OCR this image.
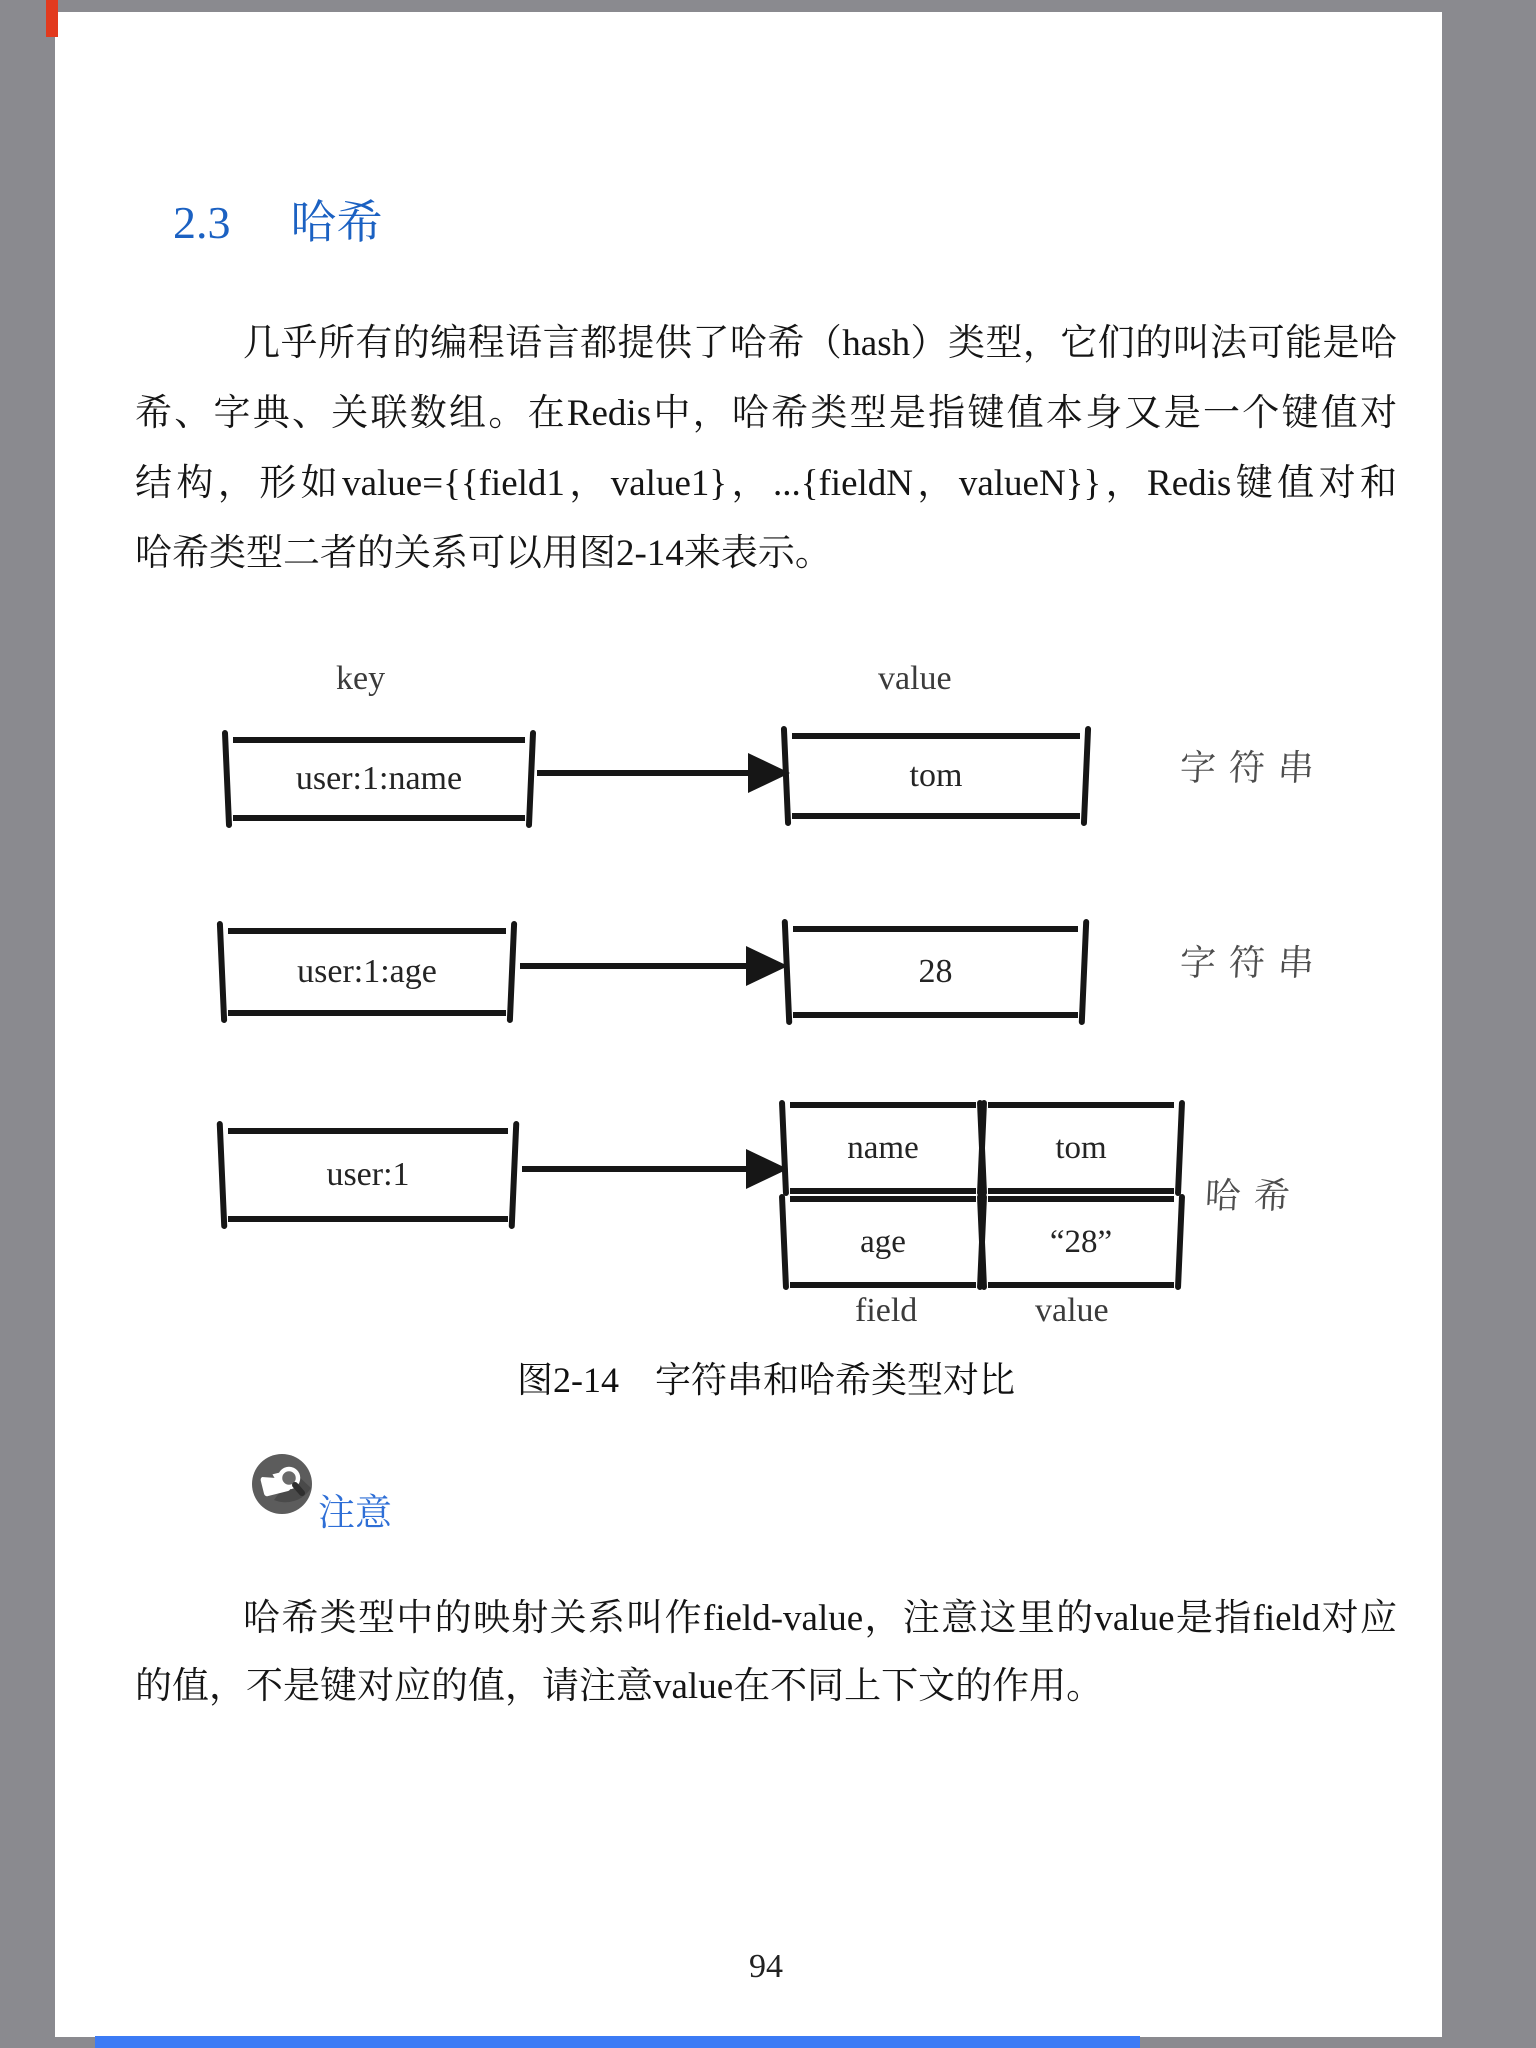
2.3 哈希
几乎所有的编程语言都提供了哈希（hash）类型，它们的叫法可能是哈
希、字典、关联数组。在Redis中，哈希类型是指键值本身又是一个键值对
结构，形如value={{field1，value1}，...{fieldN，valueN}}，Redis键值对和
哈希类型二者的关系可以用图2-14来表示。
key	value
user:1:name	tom	字符串
user:1:age	28	字符串
user:1
name	tom
age	“28”
哈希
field	value
图2-14　字符串和哈希类型对比
注意
哈希类型中的映射关系叫作field-value，注意这里的value是指field对应
的值，不是键对应的值，请注意value在不同上下文的作用。
94
